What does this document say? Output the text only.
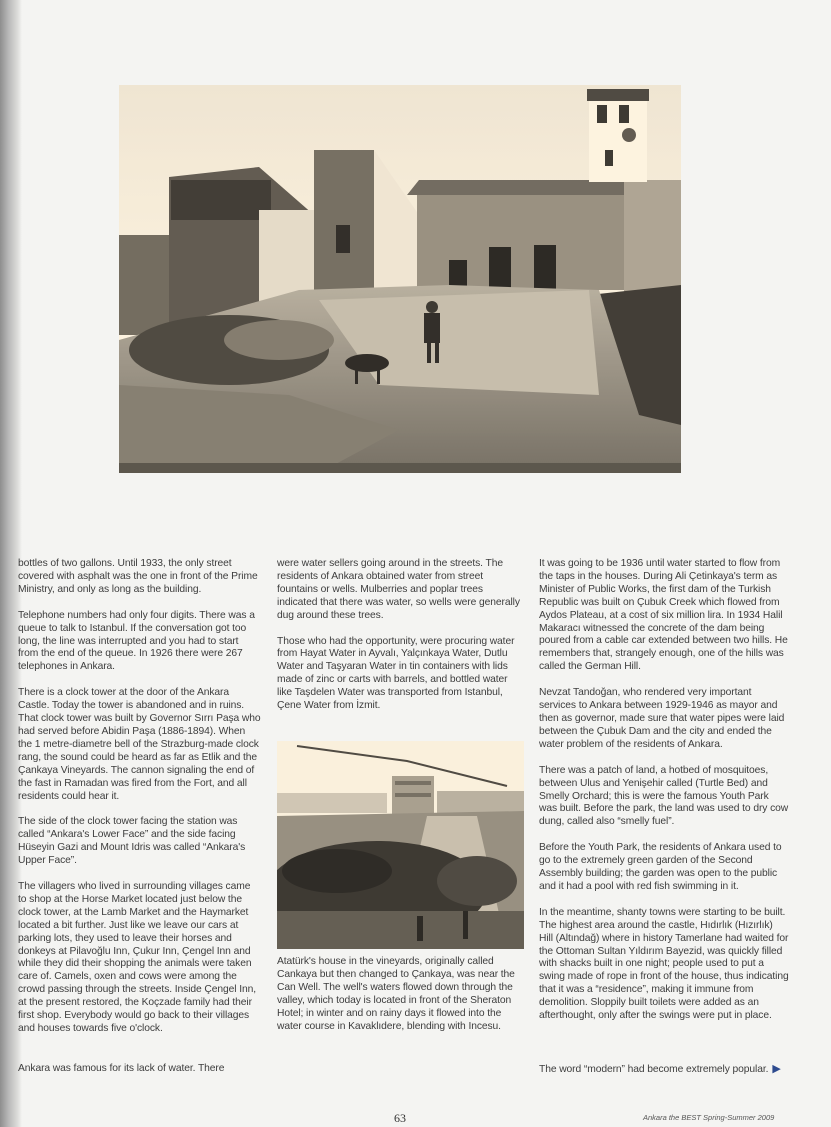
bottles of two gallons. Until 1933, the only street covered with asphalt was the one in front of the Prime Ministry, and only as long as the building.

Telephone numbers had only four digits. There was a queue to talk to Istanbul. If the conversation got too long, the line was interrupted and you had to start from the end of the queue. In 1926 there were 267 telephones in Ankara.

There is a clock tower at the door of the Ankara Castle. Today the tower is abandoned and in ruins. That clock tower was built by Governor Sırrı Paşa who had served before Abidin Paşa (1886-1894). When the 1 metre-diametre bell of the Strazburg-made clock rang, the sound could be heard as far as Etlik and the Çankaya Vineyards. The cannon signaling the end of the fast in Ramadan was fired from the Fort, and all residents could hear it.

The side of the clock tower facing the station was called “Ankara's Lower Face” and the side facing Hüseyin Gazi and Mount Idris was called “Ankara's Upper Face”.

The villagers who lived in surrounding villages came to shop at the Horse Market located just below the clock tower, at the Lamb Market and the Haymarket located a bit further. Just like we leave our cars at parking lots, they used to leave their horses and donkeys at Pilavoğlu Inn, Çukur Inn, Çengel Inn and while they did their shopping the animals were taken care of. Camels, oxen and cows were among the crowd passing through the streets. Inside Çengel Inn, at the present restored, the Koçzade family had their first shop. Everybody would go back to their villages and houses towards five o'clock.

Ankara was famous for its lack of water. There

were water sellers going around in the streets. The residents of Ankara obtained water from street fountains or wells. Mulberries and poplar trees indicated that there was water, so wells were generally dug around these trees.

Those who had the opportunity, were procuring water from Hayat Water in Ayvalı, Yalçınkaya Water, Dutlu Water and Taşyaran Water in tin containers with lids made of zinc or carts with barrels, and bottled water like Taşdelen Water was transported from Istanbul, Çene Water from İzmit.

Atatürk's house in the vineyards, originally called Cankaya but then changed to Çankaya, was near the Can Well. The well's waters flowed down through the valley, which today is located in front of the Sheraton Hotel; in winter and on rainy days it flowed into the water course in Kavaklıdere, blending with Incesu.

It was going to be 1936 until water started to flow from the taps in the houses. During Ali Çetinkaya's term as Minister of Public Works, the first dam of the Turkish Republic was built on Çubuk Creek which flowed from Aydos Plateau, at a cost of six million lira. In 1934 Halil Makaracı witnessed the concrete of the dam being poured from a cable car extended between two hills. He remembers that, strangely enough, one of the hills was called the German Hill.

Nevzat Tandoğan, who rendered very important services to Ankara between 1929-1946 as mayor and then as governor, made sure that water pipes were laid between the Çubuk Dam and the city and ended the water problem of the residents of Ankara.

There was a patch of land, a hotbed of mosquitoes, between Ulus and Yenişehir called (Turtle Bed) and Smelly Orchard; this is were the famous Youth Park was built. Before the park, the land was used to dry cow dung, called also “smelly fuel”.

Before the Youth Park, the residents of Ankara used to go to the extremely green garden of the Second Assembly building; the garden was open to the public and it had a pool with red fish swimming in it.

In the meantime, shanty towns were starting to be built. The highest area around the castle, Hıdırlık (Hızırlık) Hill (Altındağ) where in history Tamerlane had waited for the Ottoman Sultan Yıldırım Bayezid, was quickly filled with shacks built in one night; people used to put a swing made of rope in front of the house, thus indicating that it was a “residence”, making it immune from demolition. Sloppily built toilets were added as an afterthought, only after the swings were put in place.

The word “modern” had become extremely popular. ▶

63	Ankara the BEST Spring-Summer 2009
